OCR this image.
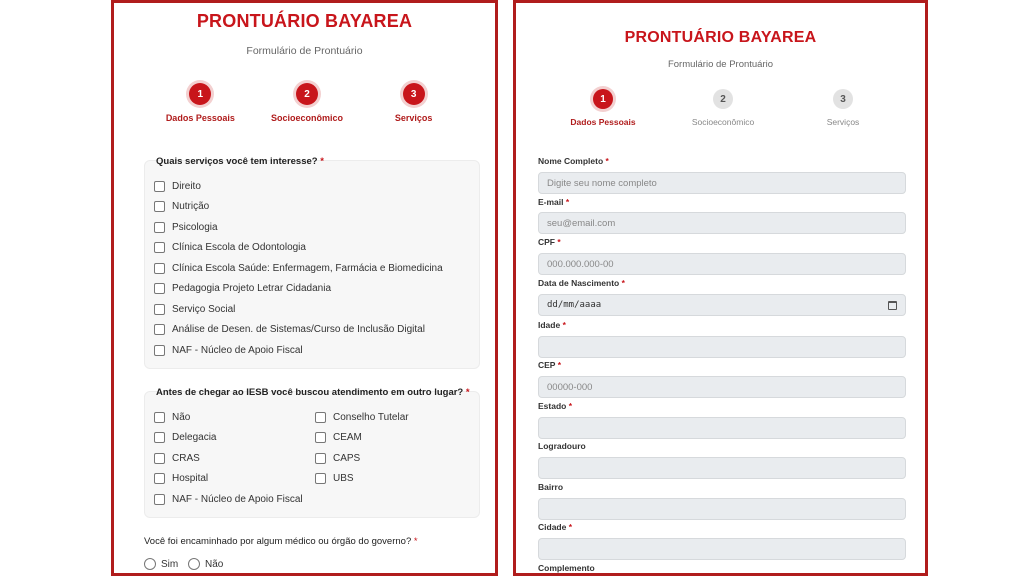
PRONTUÁRIO BAYAREA
Formulário de Prontuário
1
Dados Pessoais
2
Socioeconômico
3
Serviços
Quais serviços você tem interesse? *
Direito
Nutrição
Psicologia
Clínica Escola de Odontologia
Clínica Escola Saúde: Enfermagem, Farmácia e Biomedicina
Pedagogia Projeto Letrar Cidadania
Serviço Social
Análise de Desen. de Sistemas/Curso de Inclusão Digital
NAF - Núcleo de Apoio Fiscal
Antes de chegar ao IESB você buscou atendimento em outro lugar? *
Não
Delegacia
CRAS
Hospital
NAF - Núcleo de Apoio Fiscal
Conselho Tutelar
CEAM
CAPS
UBS
Você foi encaminhado por algum médico ou órgão do governo? *
Sim	Não
PRONTUÁRIO BAYAREA
Formulário de Prontuário
1
Dados Pessoais
2
Socioeconômico
3
Serviços
Nome Completo *
Digite seu nome completo
E-mail *
seu@email.com
CPF *
000.000.000-00
Data de Nascimento *
dd/mm/aaaa
Idade *
CEP *
00000-000
Estado *
Logradouro
Bairro
Cidade *
Complemento
